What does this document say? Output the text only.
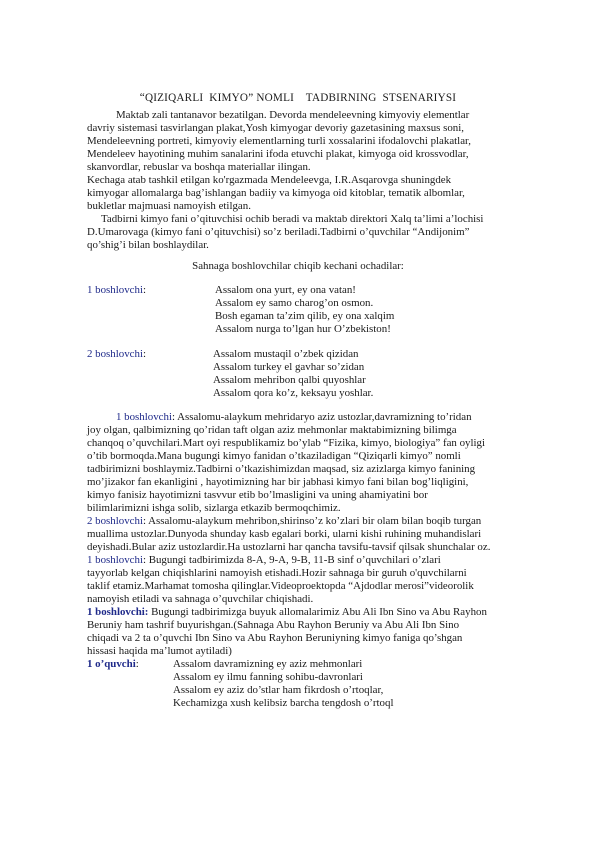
“QIZIQARLI  KIMYO” NOMLI    TADBIRNING  STSENARIYSI
Maktab zali tantanavor bezatilgan. Devorda mendeleevning kimyoviy elementlar
davriy sistemasi tasvirlangan plakat,Yosh kimyogar devoriy gazetasining maxsus soni,
Mendeleevning portreti, kimyoviy elementlarning turli xossalarini ifodalovchi plakatlar,
Mendeleev hayotining muhim sanalarini ifoda etuvchi plakat, kimyoga oid krossvodlar,
skanvordlar, rebuslar va boshqa materiallar ilingan.
Kechaga atab tashkil etilgan ko'rgazmada Mendeleevga, I.R.Asqarovga shuningdek
kimyogar allomalarga bag’ishlangan badiiy va kimyoga oid kitoblar, tematik albomlar,
bukletlar majmuasi namoyish etilgan.
Tadbirni kimyo fani o’qituvchisi ochib beradi va maktab direktori Xalq ta’limi a’lochisi
D.Umarovaga (kimyo fani o’qituvchisi) so’z beriladi.Tadbirni o’quvchilar “Andijonim”
qo’shig’i bilan boshlaydilar.
Sahnaga boshlovchilar chiqib kechani ochadilar:
1 boshlovchi:	Assalom ona yurt, ey ona vatan!
Assalom ey samo charog’on osmon.
Bosh egaman ta’zim qilib, ey ona xalqim
Assalom nurga to’lgan hur O’zbekiston!
2 boshlovchi:	Assalom mustaqil o’zbek qizidan
Assalom turkey el gavhar so’zidan
Assalom mehribon qalbi quyoshlar
Assalom qora ko’z, keksayu yoshlar.
1 boshlovchi: Assalomu-alaykum mehridaryo aziz ustozlar,davramizning to’ridan
joy olgan, qalbimizning qo’ridan taft olgan aziz mehmonlar maktabimizning bilimga
chanqoq o’quvchilari.Mart oyi respublikamiz bo’ylab “Fizika, kimyo, biologiya” fan oyligi
o’tib bormoqda.Mana bugungi kimyo fanidan o’tkaziladigan “Qiziqarli kimyo” nomli
tadbirimizni boshlaymiz.Tadbirni o’tkazishimizdan maqsad, siz azizlarga kimyo fanining
mo’jizakor fan ekanligini , hayotimizning har bir jabhasi kimyo fani bilan bog’liqligini,
kimyo fanisiz hayotimizni tasvvur etib bo’lmasligini va uning ahamiyatini bor
bilimlarimizni ishga solib, sizlarga etkazib bermoqchimiz.
2 boshlovchi: Assalomu-alaykum mehribon,shirinso’z ko’zlari bir olam bilan boqib turgan
muallima ustozlar.Dunyoda shunday kasb egalari borki, ularni kishi ruhining muhandislari
deyishadi.Bular aziz ustozlardir.Ha ustozlarni har qancha tavsifu-tavsif qilsak shunchalar oz.
1 boshlovchi: Bugungi tadbirimizda 8-A, 9-A, 9-B, 11-B sinf o’quvchilari o’zlari
tayyorlab kelgan chiqishlarini namoyish etishadi.Hozir sahnaga bir guruh o'quvchilarni
taklif etamiz.Marhamat tomosha qilinglar.Videoproektopda “Ajdodlar merosi”videorolik
namoyish etiladi va sahnaga o’quvchilar chiqishadi.
1 boshlovchi: Bugungi tadbirimizga buyuk allomalarimiz Abu Ali Ibn Sino va Abu Rayhon
Beruniy ham tashrif buyurishgan.(Sahnaga Abu Rayhon Beruniy va Abu Ali Ibn Sino
chiqadi va 2 ta o’quvchi Ibn Sino va Abu Rayhon Beruniyning kimyo faniga qo’shgan
hissasi haqida ma’lumot aytiladi)
1 o’quvchi:	Assalom davramizning ey aziz mehmonlari
Assalom ey ilmu fanning sohibu-davronlari
Assalom ey aziz do’stlar ham fikrdosh o’rtoqlar,
Kechamizga xush kelibsiz barcha tengdosh o’rtoql
